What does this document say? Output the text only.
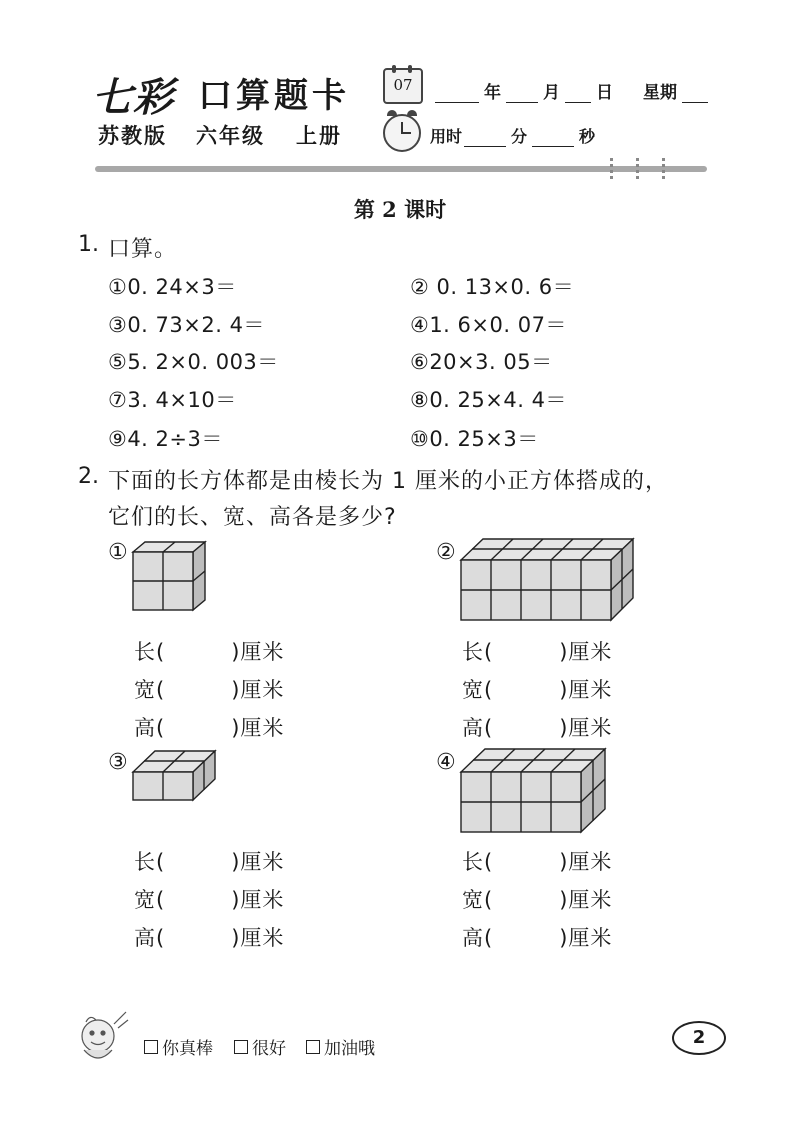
七彩 口算题卡
苏教版 六年级 上册
07	年 月 日 星期
用时	分	秒
第 2 课时
1. 口算。
①0. 24×3＝	② 0. 13×0. 6＝
③0. 73×2. 4＝	④1. 6×0. 07＝
⑤5. 2×0. 003＝	⑥20×3. 05＝
⑦3. 4×10＝	⑧0. 25×4. 4＝
⑨4. 2÷3＝	⑩0. 25×3＝
2. 下面的长方体都是由棱长为 1 厘米的小正方体搭成的，
它们的长、宽、高各是多少?
①	②
长(　　　)厘米
宽(　　　)厘米
高(　　　)厘米
长(　　　)厘米
宽(　　　)厘米
高(　　　)厘米
③	④
长(　　　)厘米
宽(　　　)厘米
高(　　　)厘米
长(　　　)厘米
宽(　　　)厘米
高(　　　)厘米
你真棒 很好 加油哦
2
